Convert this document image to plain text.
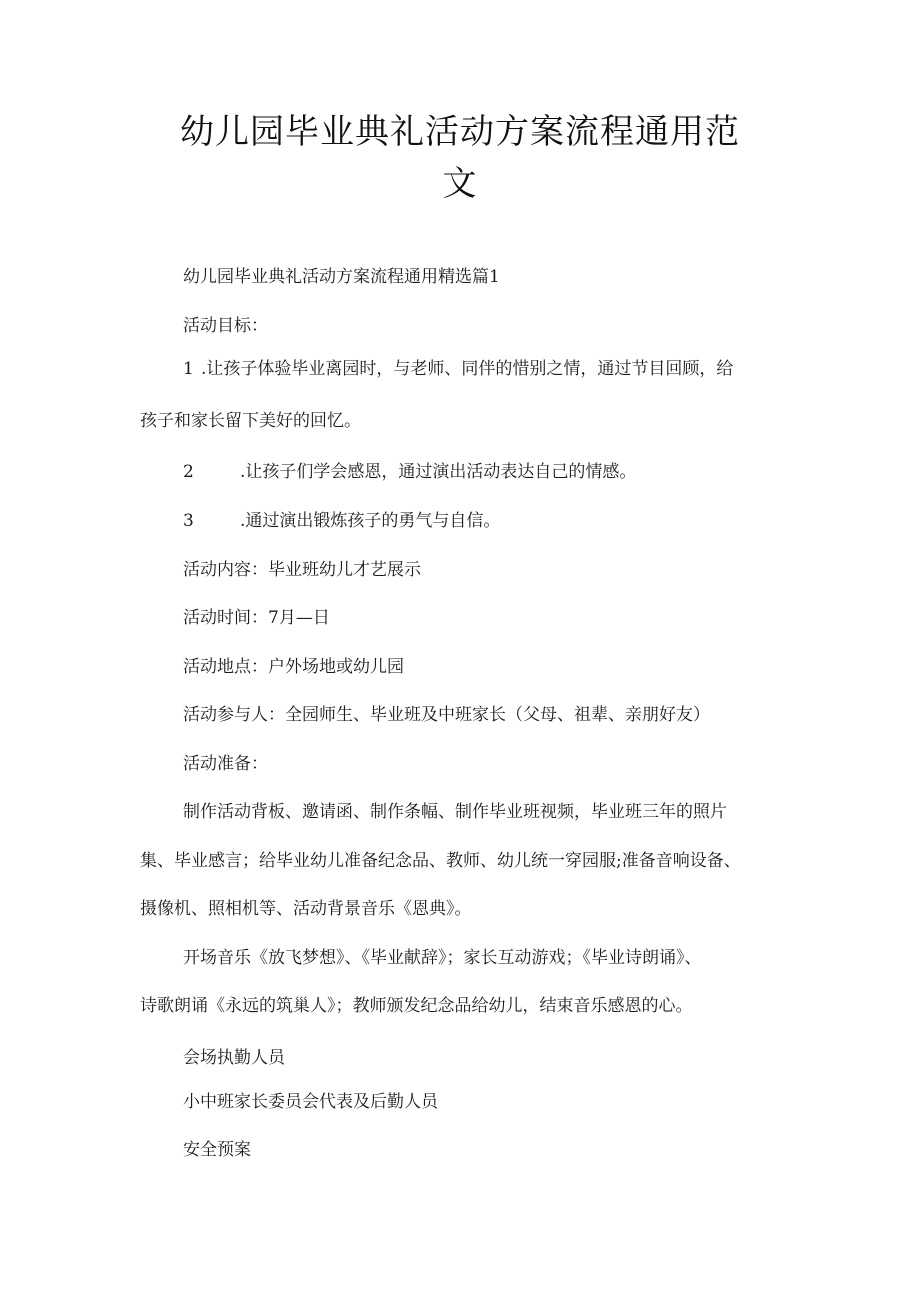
幼儿园毕业典礼活动方案流程通用范
文
幼儿园毕业典礼活动方案流程通用精选篇1
活动目标：
1 .让孩子体验毕业离园时，与老师、同伴的惜别之情，通过节目回顾，给
孩子和家长留下美好的回忆。
2	.让孩子们学会感恩，通过演出活动表达自己的情感。
3	.通过演出锻炼孩子的勇气与自信。
活动内容：毕业班幼儿才艺展示
活动时间：7月—日
活动地点：户外场地或幼儿园
活动参与人：全园师生、毕业班及中班家长（父母、祖辈、亲朋好友）
活动准备：
制作活动背板、邀请函、制作条幅、制作毕业班视频，毕业班三年的照片
集、毕业感言；给毕业幼儿准备纪念品、教师、幼儿统一穿园服;准备音响设备、
摄像机、照相机等、活动背景音乐《恩典》。
开场音乐《放飞梦想》、《毕业献辞》；家长互动游戏；《毕业诗朗诵》、
诗歌朗诵《永远的筑巢人》；教师颁发纪念品给幼儿，结束音乐感恩的心。
会场执勤人员
小中班家长委员会代表及后勤人员
安全预案
